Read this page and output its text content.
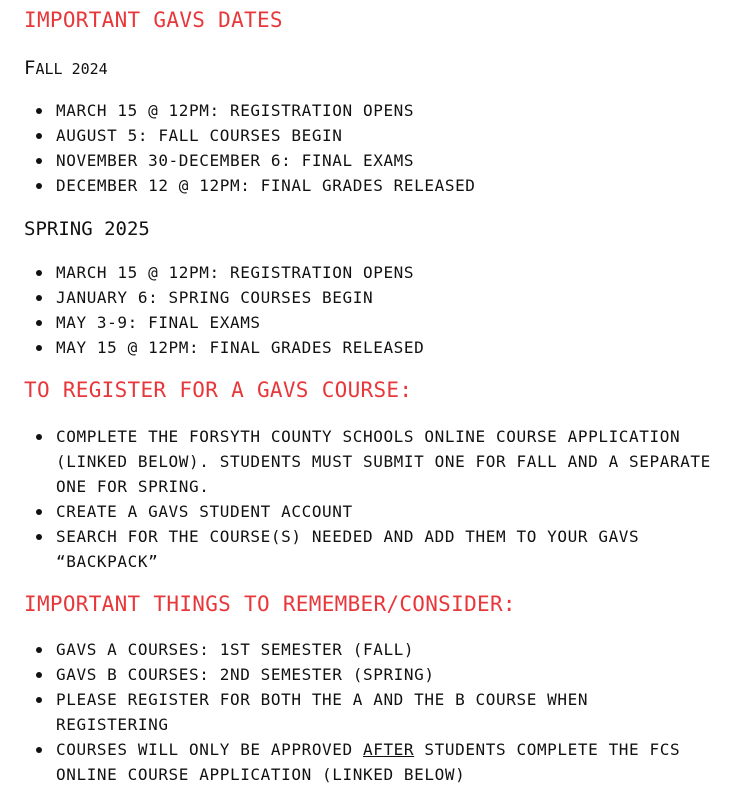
IMPORTANT GAVS DATES
FALL 2024
MARCH 15 @ 12PM: REGISTRATION OPENS
AUGUST 5: FALL COURSES BEGIN
NOVEMBER 30-DECEMBER 6: FINAL EXAMS
DECEMBER 12 @ 12PM: FINAL GRADES RELEASED
SPRING 2025
MARCH 15 @ 12PM: REGISTRATION OPENS
JANUARY 6: SPRING COURSES BEGIN
MAY 3-9: FINAL EXAMS
MAY 15 @ 12PM: FINAL GRADES RELEASED
TO REGISTER FOR A GAVS COURSE:
COMPLETE THE FORSYTH COUNTY SCHOOLS ONLINE COURSE APPLICATION
(LINKED BELOW). STUDENTS MUST SUBMIT ONE FOR FALL AND A SEPARATE
ONE FOR SPRING.
CREATE A GAVS STUDENT ACCOUNT
SEARCH FOR THE COURSE(S) NEEDED AND ADD THEM TO YOUR GAVS
“BACKPACK”
IMPORTANT THINGS TO REMEMBER/CONSIDER:
GAVS A COURSES: 1ST SEMESTER (FALL)
GAVS B COURSES: 2ND SEMESTER (SPRING)
PLEASE REGISTER FOR BOTH THE A AND THE B COURSE WHEN
REGISTERING
COURSES WILL ONLY BE APPROVED AFTER STUDENTS COMPLETE THE FCS
ONLINE COURSE APPLICATION (LINKED BELOW)
